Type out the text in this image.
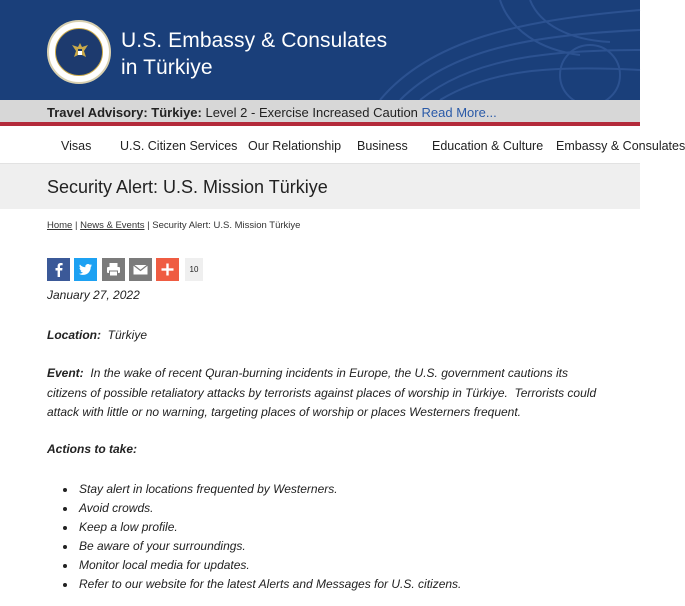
U.S. Embassy & Consulates
in Türkiye
Travel Advisory: Türkiye: Level 2 - Exercise Increased Caution Read More...
Visas U.S. Citizen Services Our Relationship Business Education & Culture Embassy & Consulates
Security Alert: U.S. Mission Türkiye
Home | News & Events | Security Alert: U.S. Mission Türkiye
10
January 27, 2022
Location:  Türkiye
Event:  In the wake of recent Quran-burning incidents in Europe, the U.S. government cautions its citizens of possible retaliatory attacks by terrorists against places of worship in Türkiye.  Terrorists could attack with little or no warning, targeting places of worship or places Westerners frequent.
Actions to take:
Stay alert in locations frequented by Westerners.
Avoid crowds.
Keep a low profile.
Be aware of your surroundings.
Monitor local media for updates.
Refer to our website for the latest Alerts and Messages for U.S. citizens.
